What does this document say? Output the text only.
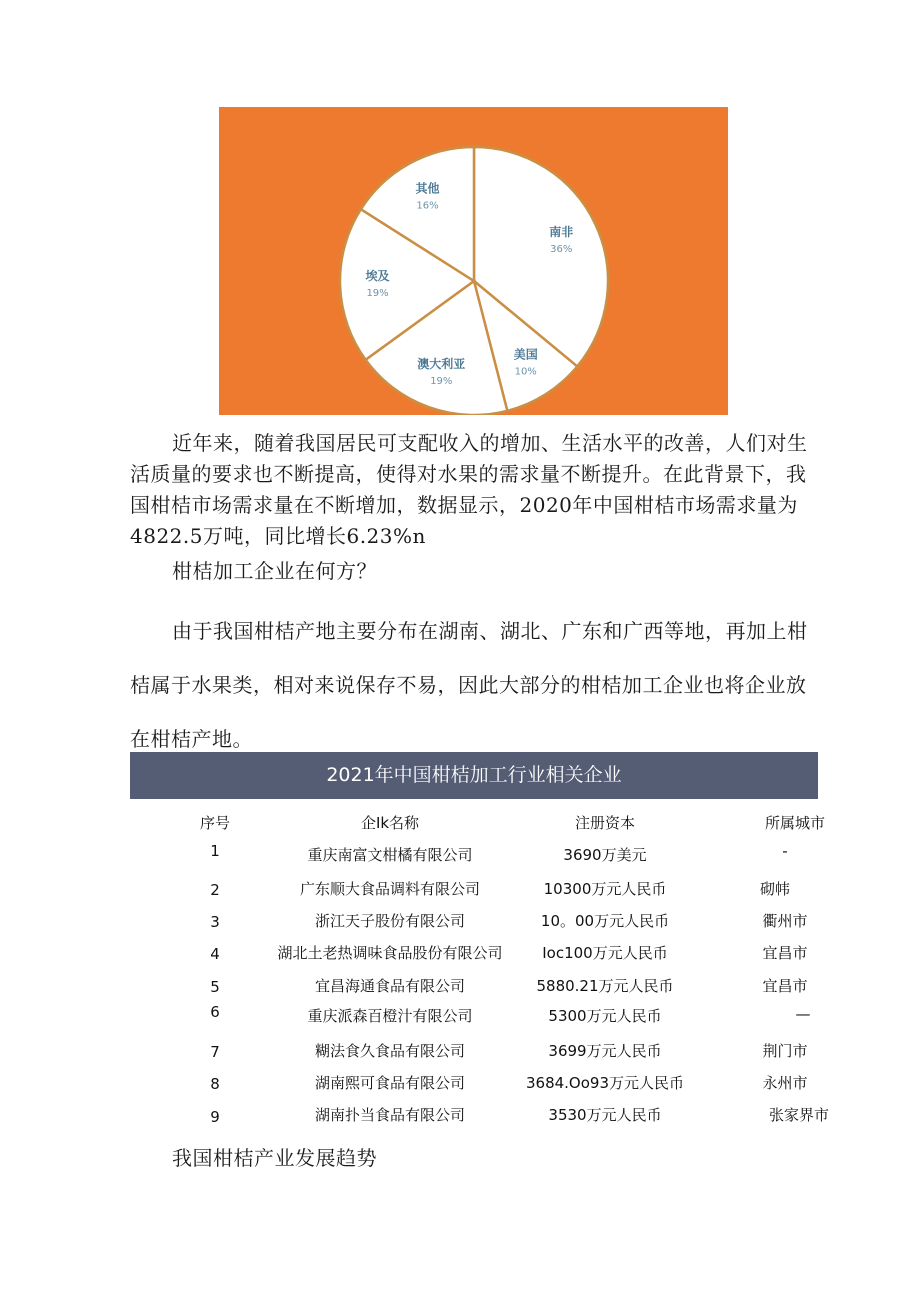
南非
36%
美国
10%
澳大利亚
19%
埃及
19%
其他
16%

近年来，随着我国居民可支配收入的增加、生活水平的改善，人们对生活质量的要求也不断提高，使得对水果的需求量不断提升。在此背景下，我国柑桔市场需求量在不断增加，数据显示，2020年中国柑桔市场需求量为4822.5万吨，同比增长6.23%n

柑桔加工企业在何方？

由于我国柑桔产地主要分布在湖南、湖北、广东和广西等地，再加上柑桔属于水果类，相对来说保存不易，因此大部分的柑桔加工企业也将企业放在柑桔产地。

2021年中国柑桔加工行业相关企业
序号	企Ik名称	注册资本	所属城市
1	重庆南富文柑橘有限公司	3690万美元	-
2	广东顺大食品调料有限公司	10300万元人民币	砌帏
3	浙江天子股份有限公司	10。00万元人民币	衢州市
4	湖北土老热调味食品股份有限公司	Ioc100万元人民币	宜昌市
5	宜昌海通食品有限公司	5880.21万元人民币	宜昌市
6	重庆派森百橙汁有限公司	5300万元人民币	—
7	糊法食久食品有限公司	3699万元人民币	荆门市
8	湖南熙可食品有限公司	3684.Oo93万元人民币	永州市
9	湖南扑当食品有限公司	3530万元人民币	张家界市

我国柑桔产业发展趋势
